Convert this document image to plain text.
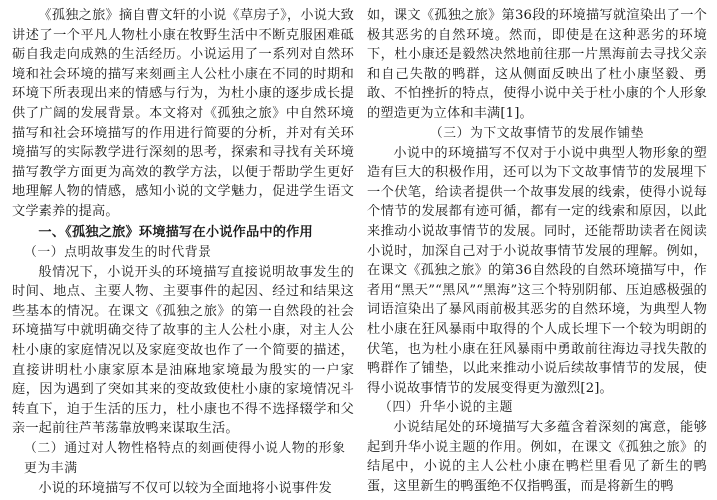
《孤独之旅》摘自曹文轩的小说《草房子》，小说大致讲述了一个平凡人物杜小康在牧野生活中不断克服困难砥砺自我走向成熟的生活经历。小说运用了一系列对自然环境和社会环境的描写来刻画主人公杜小康在不同的时期和环境下所表现出来的情感与行为，为杜小康的逐步成长提供了广阔的发展背景。本文将对《孤独之旅》中自然环境描写和社会环境描写的作用进行简要的分析，并对有关环境描写的实际教学进行深刻的思考，探索和寻找有关环境描写教学方面更为高效的教学方法，以便于帮助学生更好地理解人物的情感，感知小说的文学魅力，促进学生语文文学素养的提高。

一、《孤独之旅》环境描写在小说作品中的作用
（一）点明故事发生的时代背景

般情况下，小说开头的环境描写直接说明故事发生的时间、地点、主要人物、主要事件的起因、经过和结果这些基本的情况。在课文《孤独之旅》的第一自然段的社会环境描写中就明确交待了故事的主人公杜小康，对主人公杜小康的家庭情况以及家庭变故也作了一个简要的描述，直接讲明杜小康家原本是油麻地家境最为殷实的一户家庭，因为遇到了突如其来的变故致使杜小康的家境情况斗转直下，迫于生活的压力，杜小康也不得不选择辍学和父亲一起前往芦苇荡靠放鸭来谋取生活。

（二）通过对人物性格特点的刻画使得小说人物的形象更为丰满

小说的环境描写不仅可以较为全面地将小说事件发

如，课文《孤独之旅》第36段的环境描写就渲染出了一个极其恶劣的自然环境。然而，即使是在这种恶劣的环境下，杜小康还是毅然决然地前往那一片黑海前去寻找父亲和自己失散的鸭群，这从侧面反映出了杜小康坚毅、勇敢、不怕挫折的特点，使得小说中关于杜小康的个人形象的塑造更为立体和丰满[1]。

（三）为下文故事情节的发展作铺垫

小说中的环境描写不仅对于小说中典型人物形象的塑造有巨大的积极作用，还可以为下文故事情节的发展埋下一个伏笔，给读者提供一个故事发展的线索，使得小说每个情节的发展都有迹可循，都有一定的线索和原因，以此来推动小说故事情节的发展。同时，还能帮助读者在阅读小说时，加深自己对于小说故事情节发展的理解。例如，在课文《孤独之旅》的第36自然段的自然环境描写中，作者用“黑天”“黑风”“黑海”这三个特别阴郁、压迫感极强的词语渲染出了暴风雨前极其恶劣的自然环境，为典型人物杜小康在狂风暴雨中取得的个人成长埋下一个较为明朗的伏笔，也为杜小康在狂风暴雨中勇敢前往海边寻找失散的鸭群作了铺垫，以此来推动小说后续故事情节的发展，使得小说故事情节的发展变得更为激烈[2]。

（四）升华小说的主题

小说结尾处的环境描写大多蕴含着深刻的寓意，能够起到升华小说主题的作用。例如，在课文《孤独之旅》的结尾中，小说的主人公杜小康在鸭栏里看见了新生的鸭蛋，这里新生的鸭蛋绝不仅指鸭蛋，而是将新生的鸭
